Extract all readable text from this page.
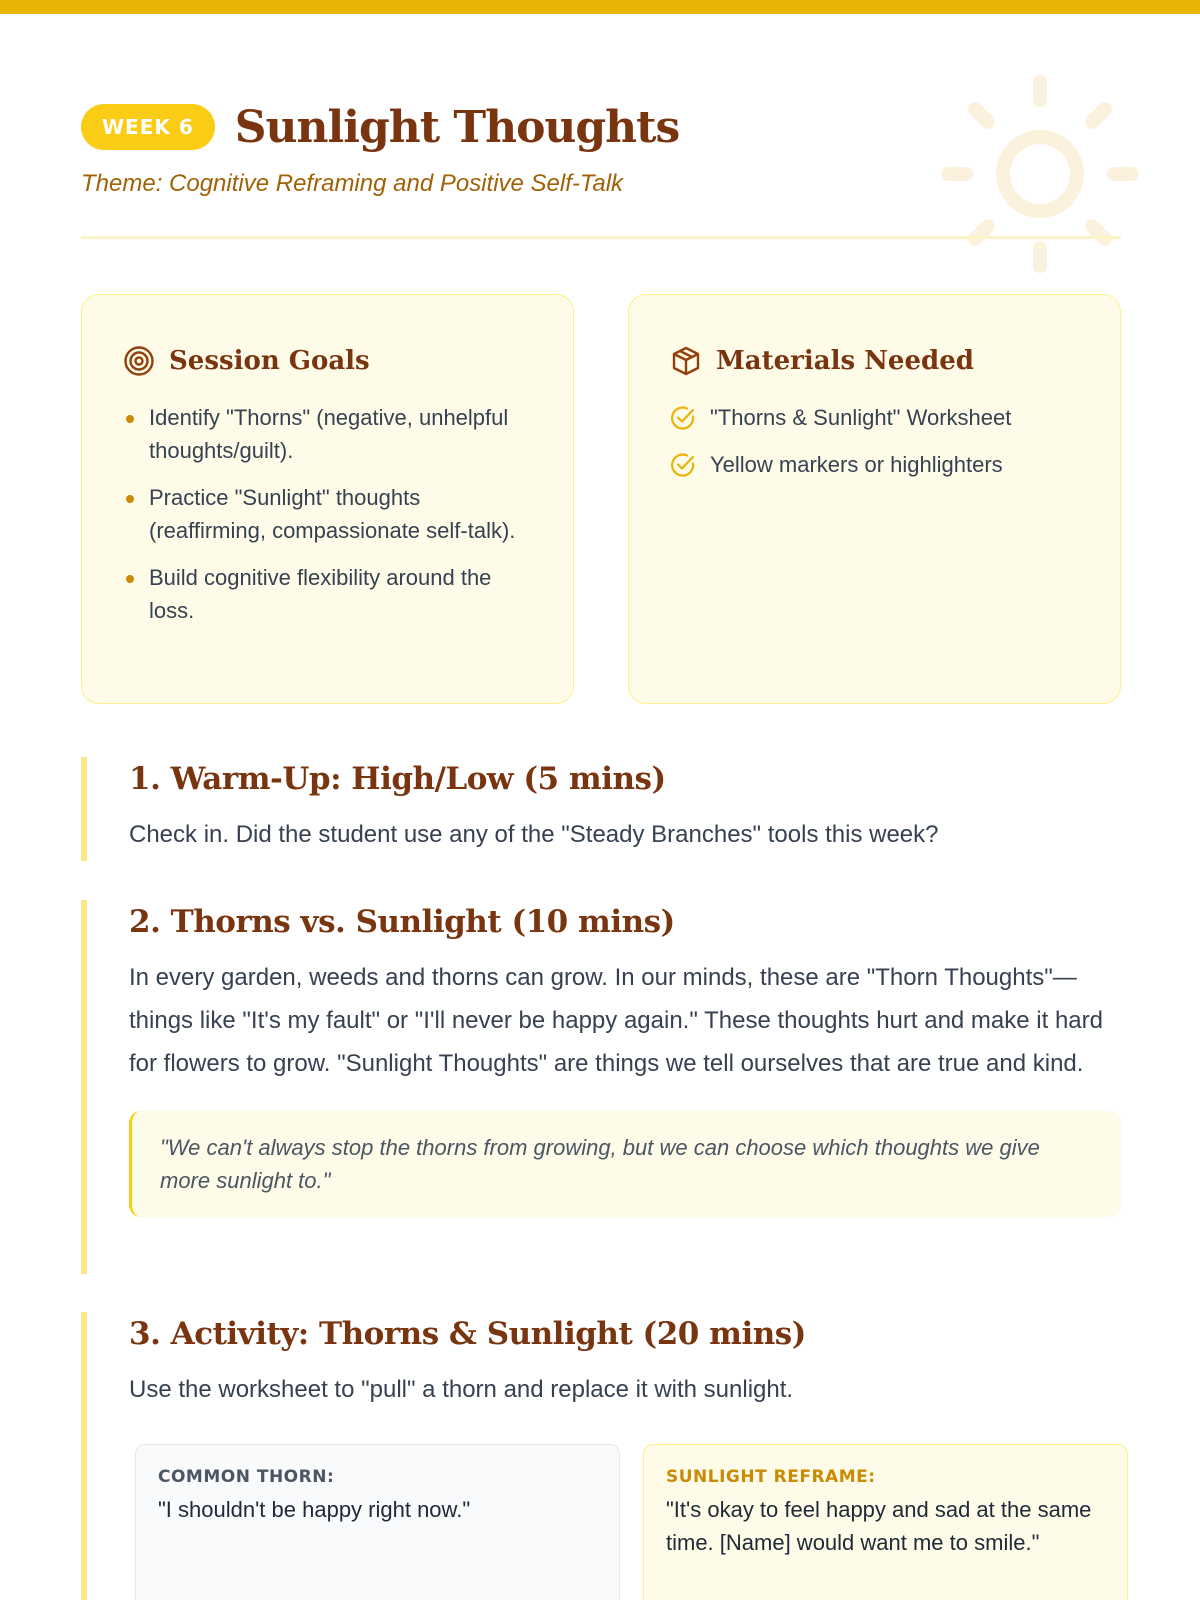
WEEK 6 Sunlight Thoughts
Theme: Cognitive Reframing and Positive Self-Talk
Session Goals
Identify "Thorns" (negative, unhelpful thoughts/guilt).
Practice "Sunlight" thoughts (reaffirming, compassionate self-talk).
Build cognitive flexibility around the loss.
Materials Needed
"Thorns & Sunlight" Worksheet
Yellow markers or highlighters
1. Warm-Up: High/Low (5 mins)

Check in. Did the student use any of the "Steady Branches" tools this week?

2. Thorns vs. Sunlight (10 mins)

In every garden, weeds and thorns can grow. In our minds, these are "Thorn Thoughts"—things like "It's my fault" or "I'll never be happy again." These thoughts hurt and make it hard for flowers to grow. "Sunlight Thoughts" are things we tell ourselves that are true and kind.

"We can't always stop the thorns from growing, but we can choose which thoughts we give more sunlight to."
3. Activity: Thorns & Sunlight (20 mins)

Use the worksheet to "pull" a thorn and replace it with sunlight.

COMMON THORN:
"I shouldn't be happy right now."
SUNLIGHT REFRAME:
"It's okay to feel happy and sad at the same time. [Name] would want me to smile."
